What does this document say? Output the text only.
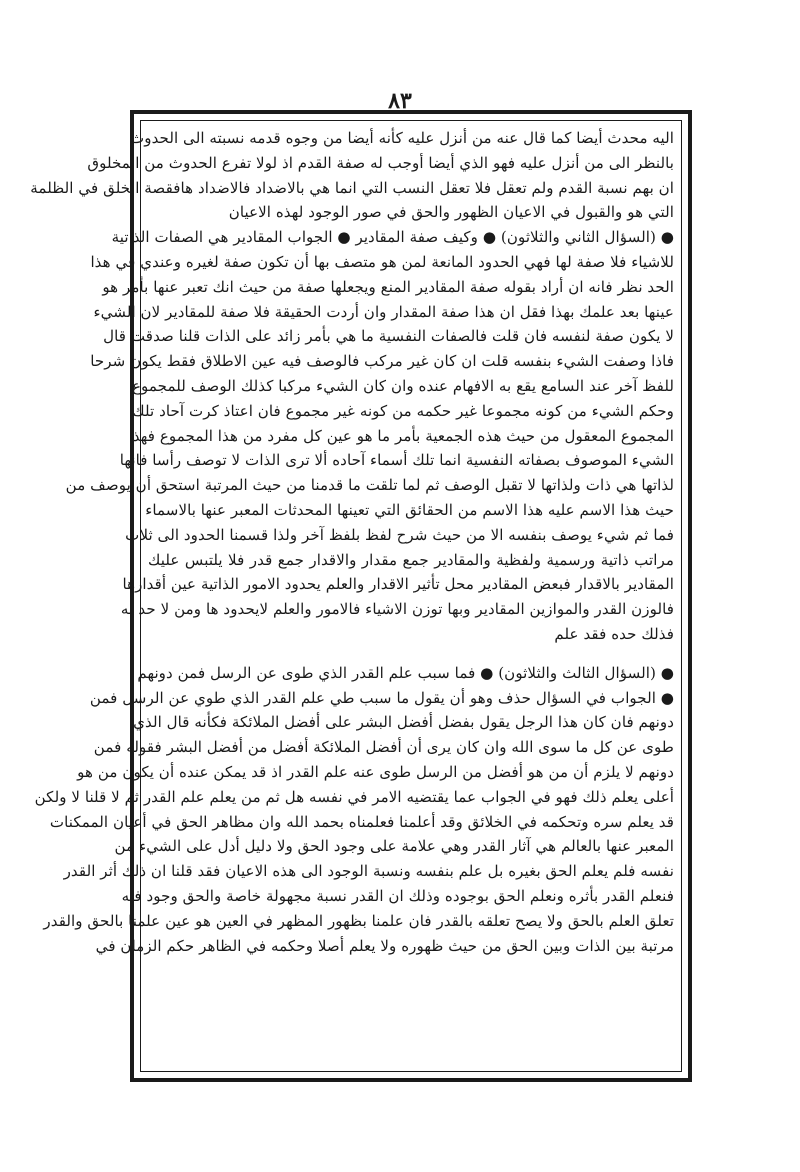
٨٣
اليه محدث أيضا كما قال عنه من أنزل عليه كأنه أيضا من وجوه قدمه نسبته الى الحدوث
بالنظر الى من أنزل عليه فهو الذي أيضا أوجب له صفة القدم اذ لولا تفرع الحدوث من المخلوق
ان بهم نسبة القدم ولم تعقل فلا تعقل النسب التي انما هي بالاضداد فالاضداد هافقصة الخلق في الظلمة
التي هو والقبول في الاعيان الظهور والحق في صور الوجود لهذه الاعيان
● (السؤال الثاني والثلاثون) ● وكيف صفة المقادير ● الجواب المقادير هي الصفات الذاتية
للاشياء فلا صفة لها فهي الحدود المانعة لمن هو متصف بها أن تكون صفة لغيره وعندي في هذا
الحد نظر فانه ان أراد بقوله صفة المقادير المنع ويجعلها صفة من حيث انك تعبر عنها بأمر هو
عينها بعد علمك بهذا فقل ان هذا صفة المقدار وان أردت الحقيقة فلا صفة للمقادير لان الشيء
لا يكون صفة لنفسه فان قلت فالصفات النفسية ما هي بأمر زائد على الذات قلنا صدقت قال
فاذا وصفت الشيء بنفسه قلت ان كان غير مركب فالوصف فيه عين الاطلاق فقط يكون شرحا
للفظ آخر عند السامع يقع به الافهام عنده وان كان الشيء مركبا كذلك الوصف للمجموع
وحكم الشيء من كونه مجموعا غير حكمه من كونه غير مجموع فان اعتاذ كرت آحاد تلك
المجموع المعقول من حيث هذه الجمعية بأمر ما هو عين كل مفرد من هذا المجموع فهذا
الشيء الموصوف بصفاته النفسية انما تلك أسماء آحاده ألا ترى الذات لا توصف رأسا فانها
لذاتها هي ذات ولذاتها لا تقبل الوصف ثم لما تلقت ما قدمنا من حيث المرتبة استحق أن يوصف من
حيث هذا الاسم عليه هذا الاسم من الحقائق التي تعينها المحدثات المعبر عنها بالاسماء
فما ثم شيء يوصف بنفسه الا من حيث شرح لفظ بلفظ آخر ولذا قسمنا الحدود الى ثلاث
مراتب ذاتية ورسمية ولفظية والمقادير جمع مقدار والاقدار جمع قدر فلا يلتبس عليك
المقادير بالاقدار فبعض المقادير محل تأثير الاقدار والعلم يحدود الامور الذاتية عين أقدارها
فالوزن القدر والموازين المقادير وبها توزن الاشياء فالامور والعلم لايحدود ها ومن لا حد له
فذلك حده فقد علم
● (السؤال الثالث والثلاثون) ● فما سبب علم القدر الذي طوى عن الرسل فمن دونهم
● الجواب في السؤال حذف وهو أن يقول ما سبب طي علم القدر الذي طوي عن الرسل فمن
دونهم فان كان هذا الرجل يقول بفضل أفضل البشر على أفضل الملائكة فكأنه قال الذي
طوى عن كل ما سوى الله وان كان يرى أن أفضل الملائكة أفضل من أفضل البشر فقوله فمن
دونهم لا يلزم أن من هو أفضل من الرسل طوى عنه علم القدر اذ قد يمكن عنده أن يكون من هو
أعلى يعلم ذلك فهو في الجواب عما يقتضيه الامر في نفسه هل ثم من يعلم علم القدر ثم لا قلنا لا ولكن
قد يعلم سره وتحكمه في الخلائق وقد أعلمنا فعلمناه بحمد الله وان مظاهر الحق في أعيان الممكنات
المعبر عنها بالعالم هي آثار القدر وهي علامة على وجود الحق ولا دليل أدل على الشيء من
نفسه فلم يعلم الحق بغيره بل علم بنفسه ونسبة الوجود الى هذه الاعيان فقد قلنا ان ذلك أثر القدر
فنعلم القدر بأثره ونعلم الحق بوجوده وذلك ان القدر نسبة مجهولة خاصة والحق وجود فيه
تعلق العلم بالحق ولا يصح تعلقه بالقدر فان علمنا بظهور المظهر في العين هو عين علمنا بالحق والقدر
مرتبة بين الذات وبين الحق من حيث ظهوره ولا يعلم أصلا وحكمه في الظاهر حكم الزمان في
